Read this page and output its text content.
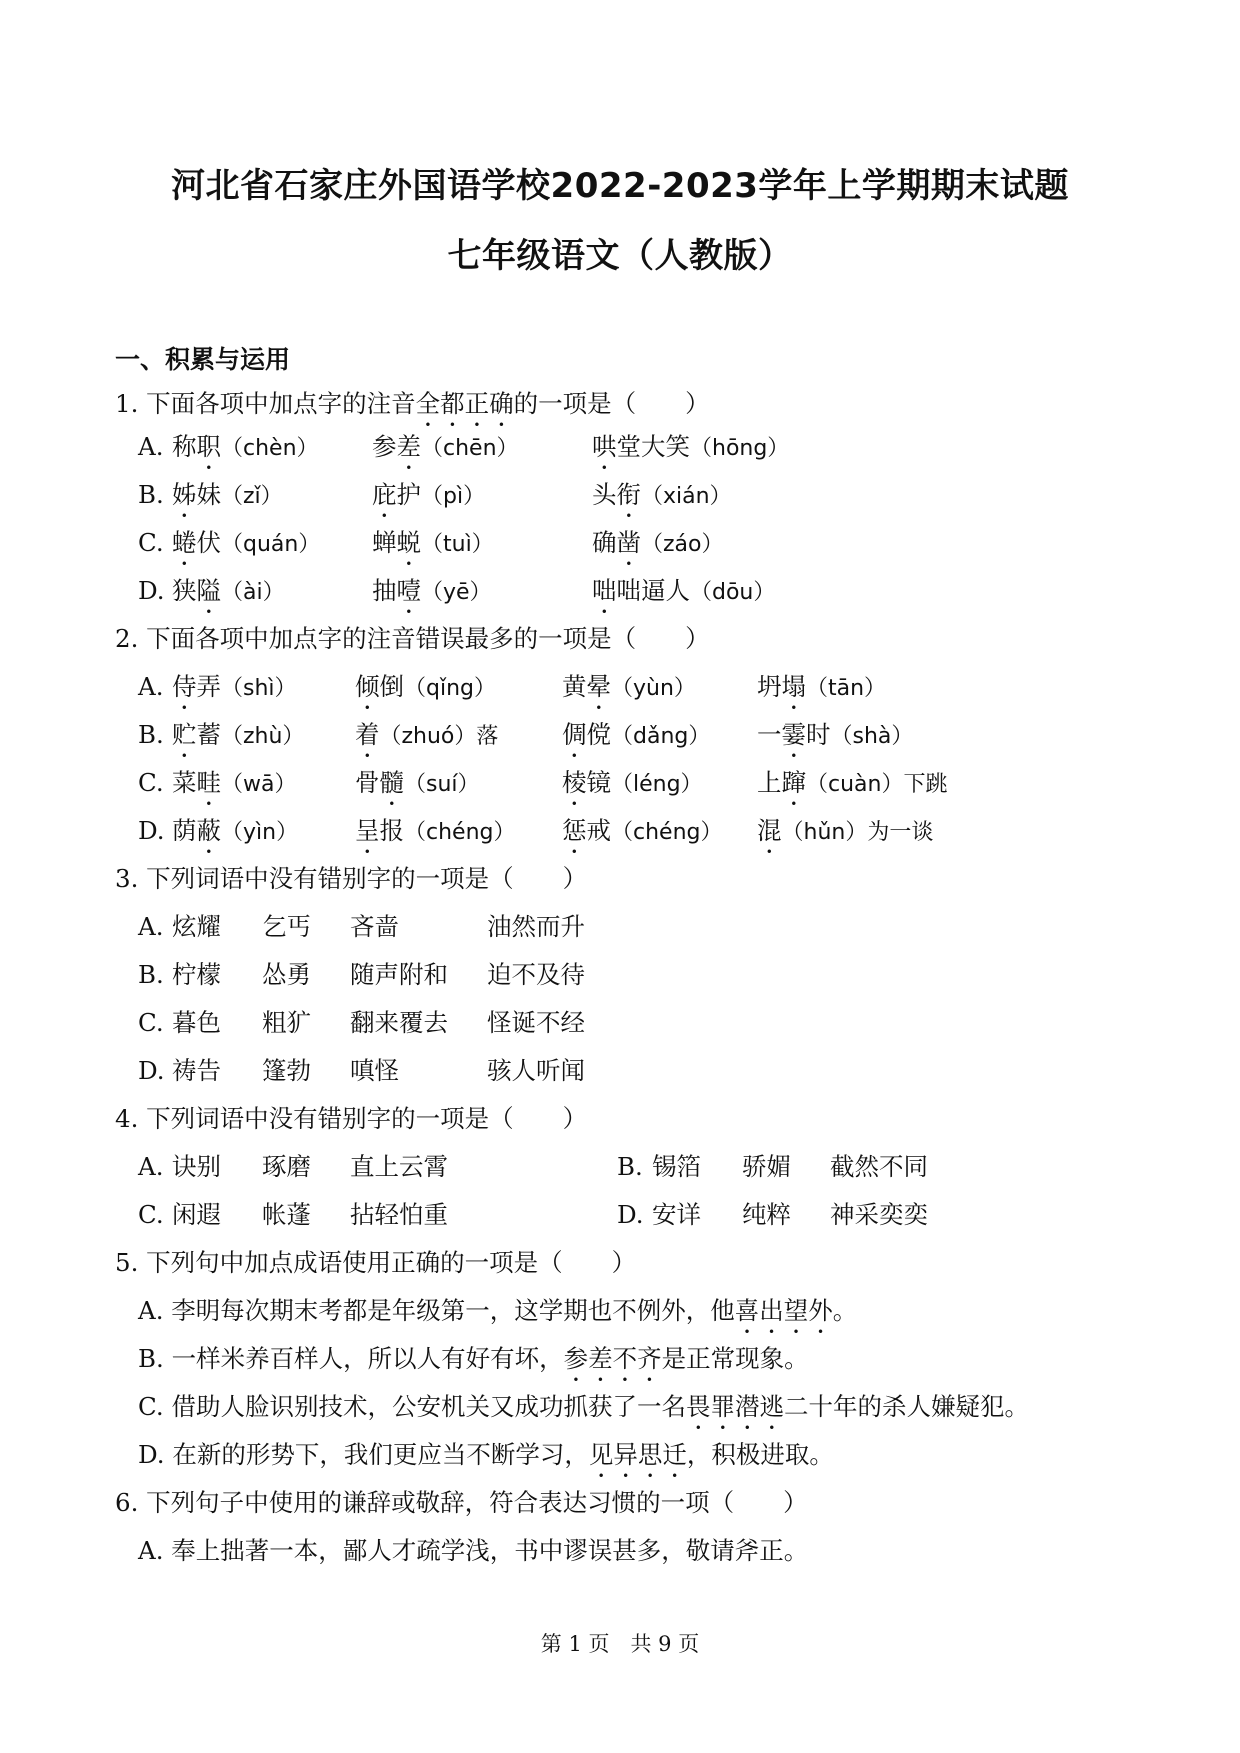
河北省石家庄外国语学校2022-2023学年上学期期末试题
七年级语文（人教版）
一、积累与运用
1. 下面各项中加点字的注音全都正确的一项是（　　）
A. 称职（chèn） 参差（chēn）	哄堂大笑（hōng）
B. 姊妹（zǐ）	庇护（pì）	头衔（xián）
C. 蜷伏（quán） 蝉蜕（tuì）	确凿（záo）
D. 狭隘（ài）	抽噎（yē）	咄咄逼人（dōu）
2. 下面各项中加点字的注音错误最多的一项是（　　）
A. 侍弄（shì） 倾倒（qǐng）	黄晕（yùn） 坍塌（tān）
B. 贮蓄（zhù） 着（zhuó）落	倜傥（dǎng） 一霎时（shà）
C. 菜畦（wā） 骨髓（suí）	棱镜（léng） 上蹿（cuàn）下跳
D. 荫蔽（yìn） 呈报（chéng） 惩戒（chéng） 混（hǔn）为一谈
3. 下列词语中没有错别字的一项是（　　）
A. 炫耀 乞丐 吝啬	油然而升
B. 柠檬 怂勇 随声附和 迫不及待
C. 暮色 粗犷 翻来覆去 怪诞不经
D. 祷告 篷勃 嗔怪	骇人听闻
4. 下列词语中没有错别字的一项是（　　）
A. 诀别 琢磨 直上云霄	B. 锡箔 骄媚 截然不同
C. 闲遐 帐蓬 拈轻怕重	D. 安详 纯粹 神采奕奕
5. 下列句中加点成语使用正确的一项是（　　）
A. 李明每次期末考都是年级第一，这学期也不例外，他喜出望外。
B. 一样米养百样人，所以人有好有坏，参差不齐是正常现象。
C. 借助人脸识别技术，公安机关又成功抓获了一名畏罪潜逃二十年的杀人嫌疑犯。
D. 在新的形势下，我们更应当不断学习，见异思迁，积极进取。
6. 下列句子中使用的谦辞或敬辞，符合表达习惯的一项（　　）
A. 奉上拙著一本，鄙人才疏学浅，书中谬误甚多，敬请斧正。
第 1 页　共 9 页
